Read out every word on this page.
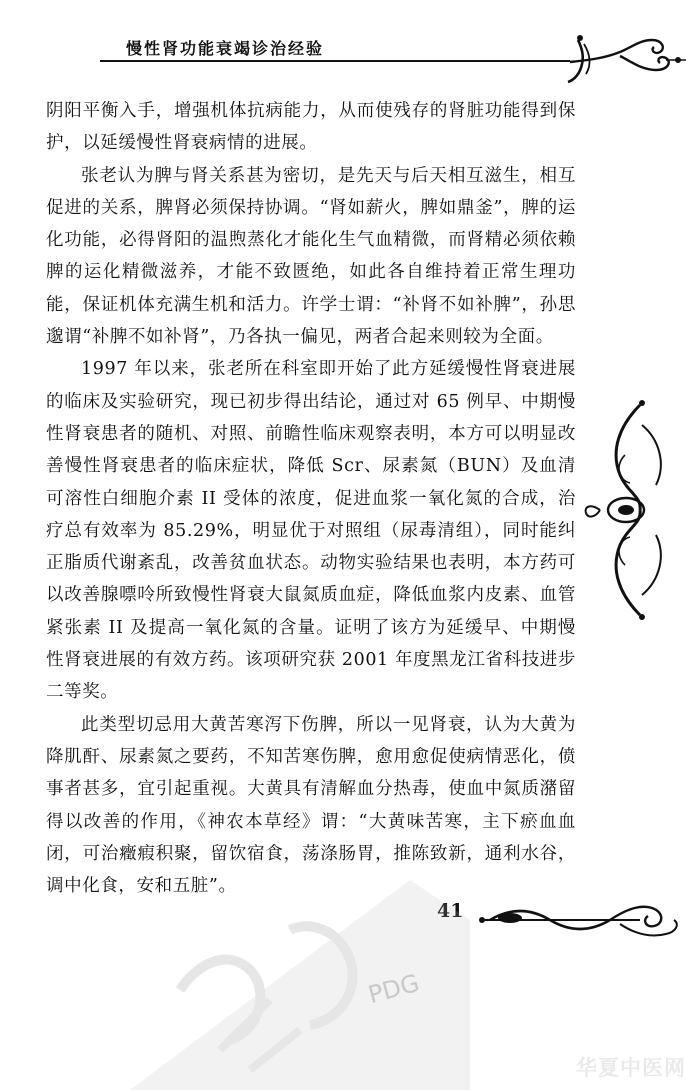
慢性肾功能衰竭诊治经验

阴阳平衡入手，增强机体抗病能力，从而使残存的肾脏功能得到保护，以延缓慢性肾衰病情的进展。

张老认为脾与肾关系甚为密切，是先天与后天相互滋生，相互促进的关系，脾肾必须保持协调。“肾如薪火，脾如鼎釜”，脾的运化功能，必得肾阳的温煦蒸化才能化生气血精微，而肾精必须依赖脾的运化精微滋养，才能不致匮绝，如此各自维持着正常生理功能，保证机体充满生机和活力。许学士谓：“补肾不如补脾”，孙思邈谓“补脾不如补肾”，乃各执一偏见，两者合起来则较为全面。

1997 年以来，张老所在科室即开始了此方延缓慢性肾衰进展的临床及实验研究，现已初步得出结论，通过对 65 例早、中期慢性肾衰患者的随机、对照、前瞻性临床观察表明，本方可以明显改善慢性肾衰患者的临床症状，降低 Scr、尿素氮（BUN）及血清可溶性白细胞介素 II 受体的浓度，促进血浆一氧化氮的合成，治疗总有效率为 85.29%，明显优于对照组（尿毒清组），同时能纠正脂质代谢紊乱，改善贫血状态。动物实验结果也表明，本方药可以改善腺嘌呤所致慢性肾衰大鼠氮质血症，降低血浆内皮素、血管紧张素 II 及提高一氧化氮的含量。证明了该方为延缓早、中期慢性肾衰进展的有效方药。该项研究获 2001 年度黑龙江省科技进步二等奖。

此类型切忌用大黄苦寒泻下伤脾，所以一见肾衰，认为大黄为降肌酐、尿素氮之要药，不知苦寒伤脾，愈用愈促使病情恶化，偾事者甚多，宜引起重视。大黄具有清解血分热毒，使血中氮质潴留得以改善的作用，《神农本草经》谓：“大黄味苦寒，主下瘀血血闭，可治癥瘕积聚，留饮宿食，荡涤肠胃，推陈致新，通利水谷，调中化食，安和五脏”。

41
PDG
华夏中医网
